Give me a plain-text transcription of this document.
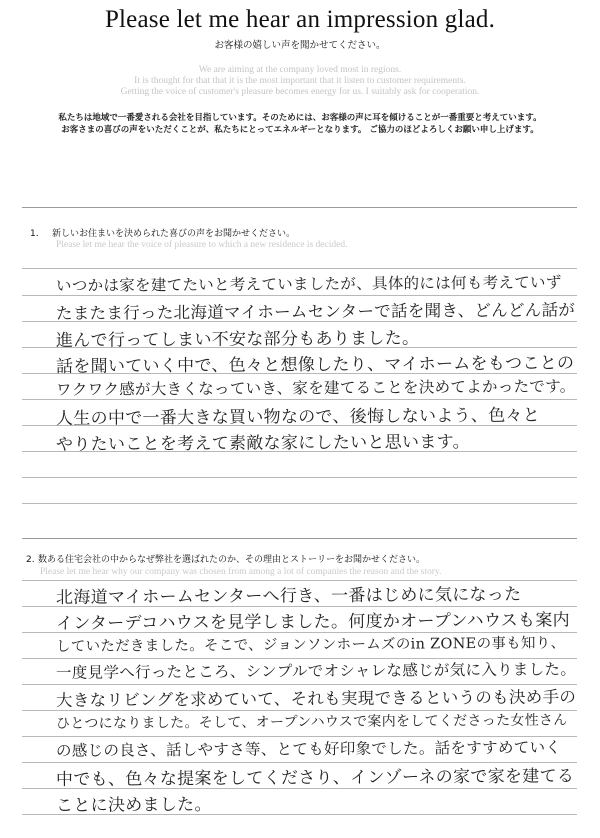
Please let me hear an impression glad.
お客様の嬉しい声を聞かせてください。
We are aiming at the company loved most in regions.
It is thought for that that it is the most important that it listen to customer requirements.
Getting the voice of customer's pleasure becomes energy for us. I suitably ask for cooperation.
私たちは地域で一番愛される会社を目指しています。そのためには、お客様の声に耳を傾けることが一番重要と考えています。
お客さまの喜びの声をいただくことが、私たちにとってエネルギーとなります。 ご協力のほどよろしくお願い申し上げます。
1. 新しいお住まいを決められた喜びの声をお聞かせください。
Please let me hear the voice of pleasure to which a new residence is decided.
いつかは家を建てたいと考えていましたが、具体的には何も考えていず
たまたま行った北海道マイホームセンターで話を聞き、どんどん話が
進んで行ってしまい不安な部分もありました。
話を聞いていく中で、色々と想像したり、マイホームをもつことの
ワクワク感が大きくなっていき、家を建てることを決めてよかったです。
人生の中で一番大きな買い物なので、後悔しないよう、色々と
やりたいことを考えて素敵な家にしたいと思います。
2. 数ある住宅会社の中からなぜ弊社を選ばれたのか、その理由とストーリーをお聞かせください。
Please let me hear why our company was chosen from among a lot of companies the reason and the story.
北海道マイホームセンターへ行き、一番はじめに気になった
インターデコハウスを見学しました。何度かオープンハウスも案内
していただきました。そこで、ジョンソンホームズのin ZONEの事も知り、
一度見学へ行ったところ、シンプルでオシャレな感じが気に入りました。
大きなリビングを求めていて、それも実現できるというのも決め手の
ひとつになりました。そして、オープンハウスで案内をしてくださった女性さん
の感じの良さ、話しやすさ等、とても好印象でした。話をすすめていく
中でも、色々な提案をしてくださり、インゾーネの家で家を建てる
ことに決めました。
